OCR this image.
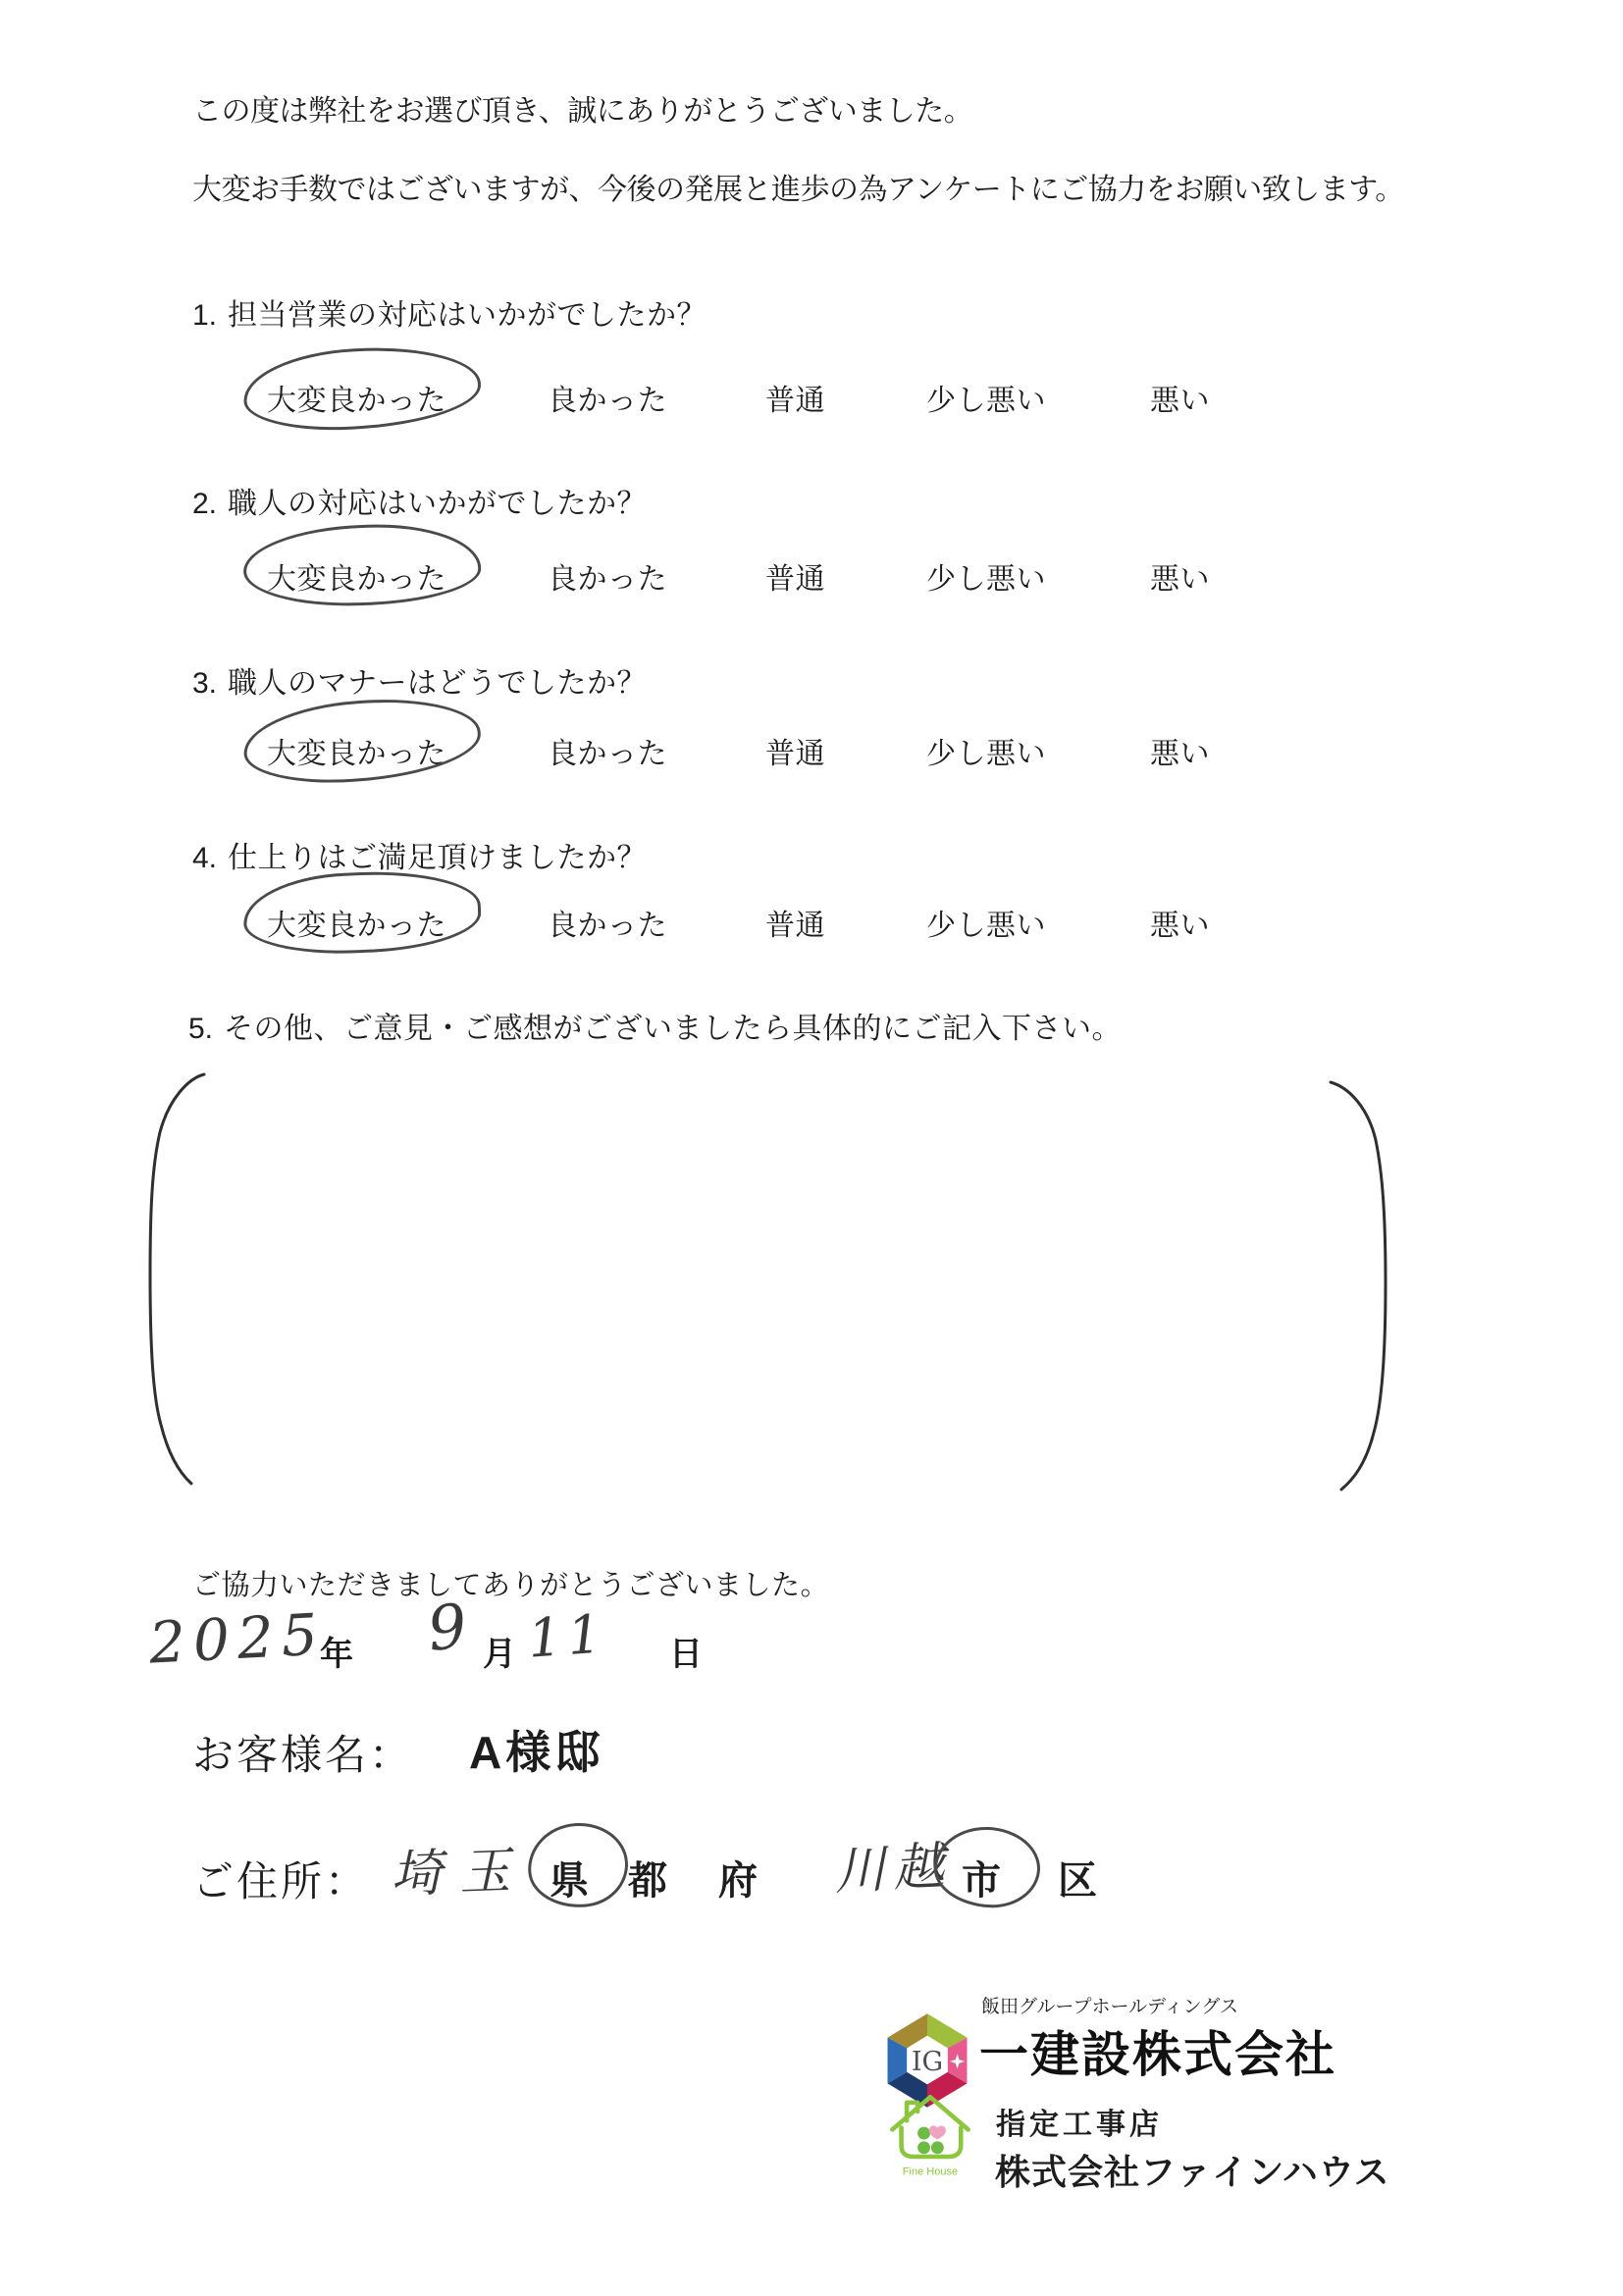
この度は弊社をお選び頂き、誠にありがとうございました。
大変お手数ではございますが、今後の発展と進歩の為アンケートにご協力をお願い致します。
1. 担当営業の対応はいかがでしたか？
大変良かった	良かった	普通	少し悪い	悪い
2. 職人の対応はいかがでしたか？
大変良かった	良かった	普通	少し悪い	悪い
3. 職人のマナーはどうでしたか？
大変良かった	良かった	普通	少し悪い	悪い
4. 仕上りはご満足頂けましたか？
大変良かった	良かった	普通	少し悪い	悪い
5. その他、ご意見・ご感想がございましたら具体的にご記入下さい。
ご協力いただきましてありがとうございました。
2025
年 9 月 11 日
お客様名： A様邸
ご住所： 埼玉 県 都 府 川越 市 区
IG
飯田グループホールディングス
一建設株式会社
Fine House
指定工事店
株式会社ファインハウス
